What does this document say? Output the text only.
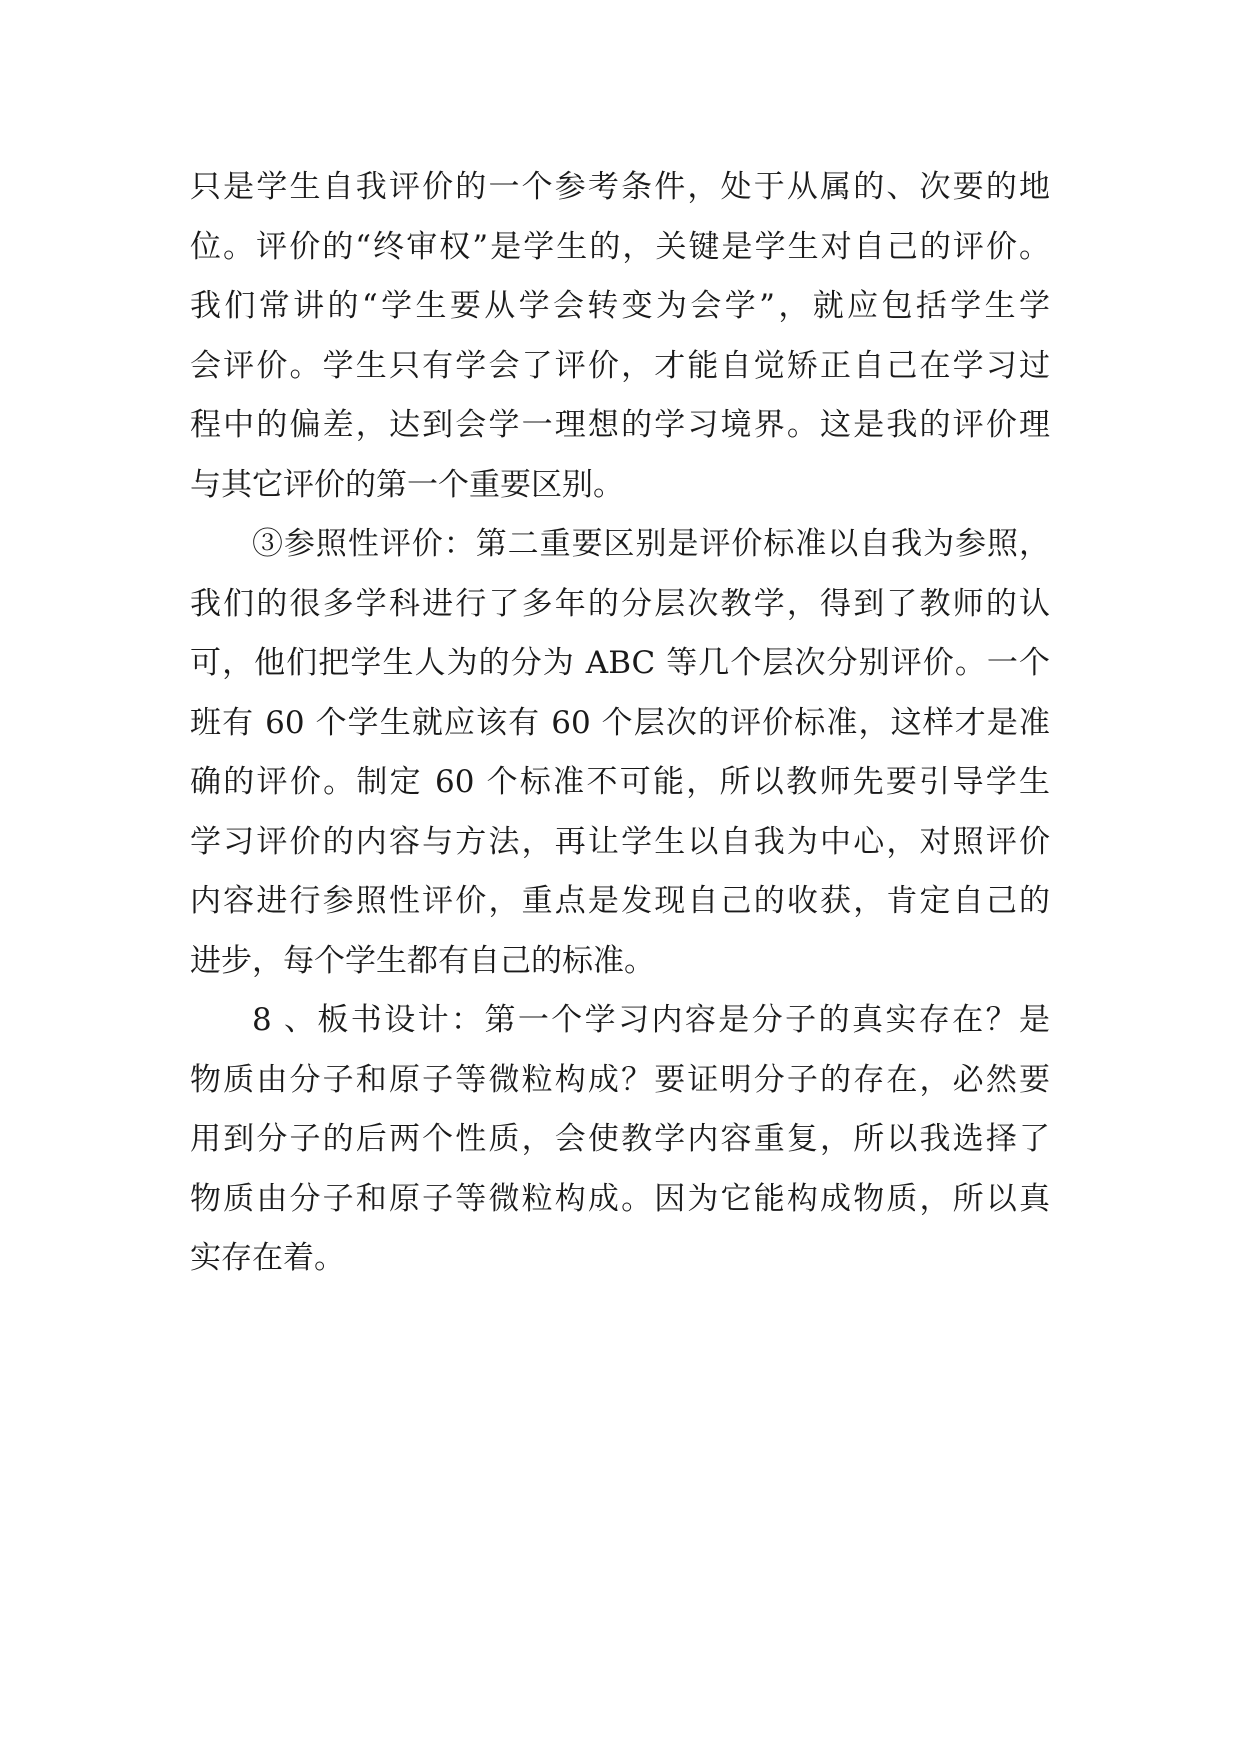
只是学生自我评价的一个参考条件，处于从属的、次要的地
位。评价的“终审权”是学生的，关键是学生对自己的评价。
我们常讲的“学生要从学会转变为会学”，就应包括学生学
会评价。学生只有学会了评价，才能自觉矫正自己在学习过
程中的偏差，达到会学一理想的学习境界。这是我的评价理
与其它评价的第一个重要区别。
③参照性评价：第二重要区别是评价标准以自我为参照，
我们的很多学科进行了多年的分层次教学，得到了教师的认
可，他们把学生人为的分为 ABC 等几个层次分别评价。一个
班有 60 个学生就应该有 60 个层次的评价标准，这样才是准
确的评价。制定 60 个标准不可能，所以教师先要引导学生
学习评价的内容与方法，再让学生以自我为中心，对照评价
内容进行参照性评价，重点是发现自己的收获，肯定自己的
进步，每个学生都有自己的标准。
8 、板书设计：第一个学习内容是分子的真实存在？是
物质由分子和原子等微粒构成？要证明分子的存在，必然要
用到分子的后两个性质，会使教学内容重复，所以我选择了
物质由分子和原子等微粒构成。因为它能构成物质，所以真
实存在着。
